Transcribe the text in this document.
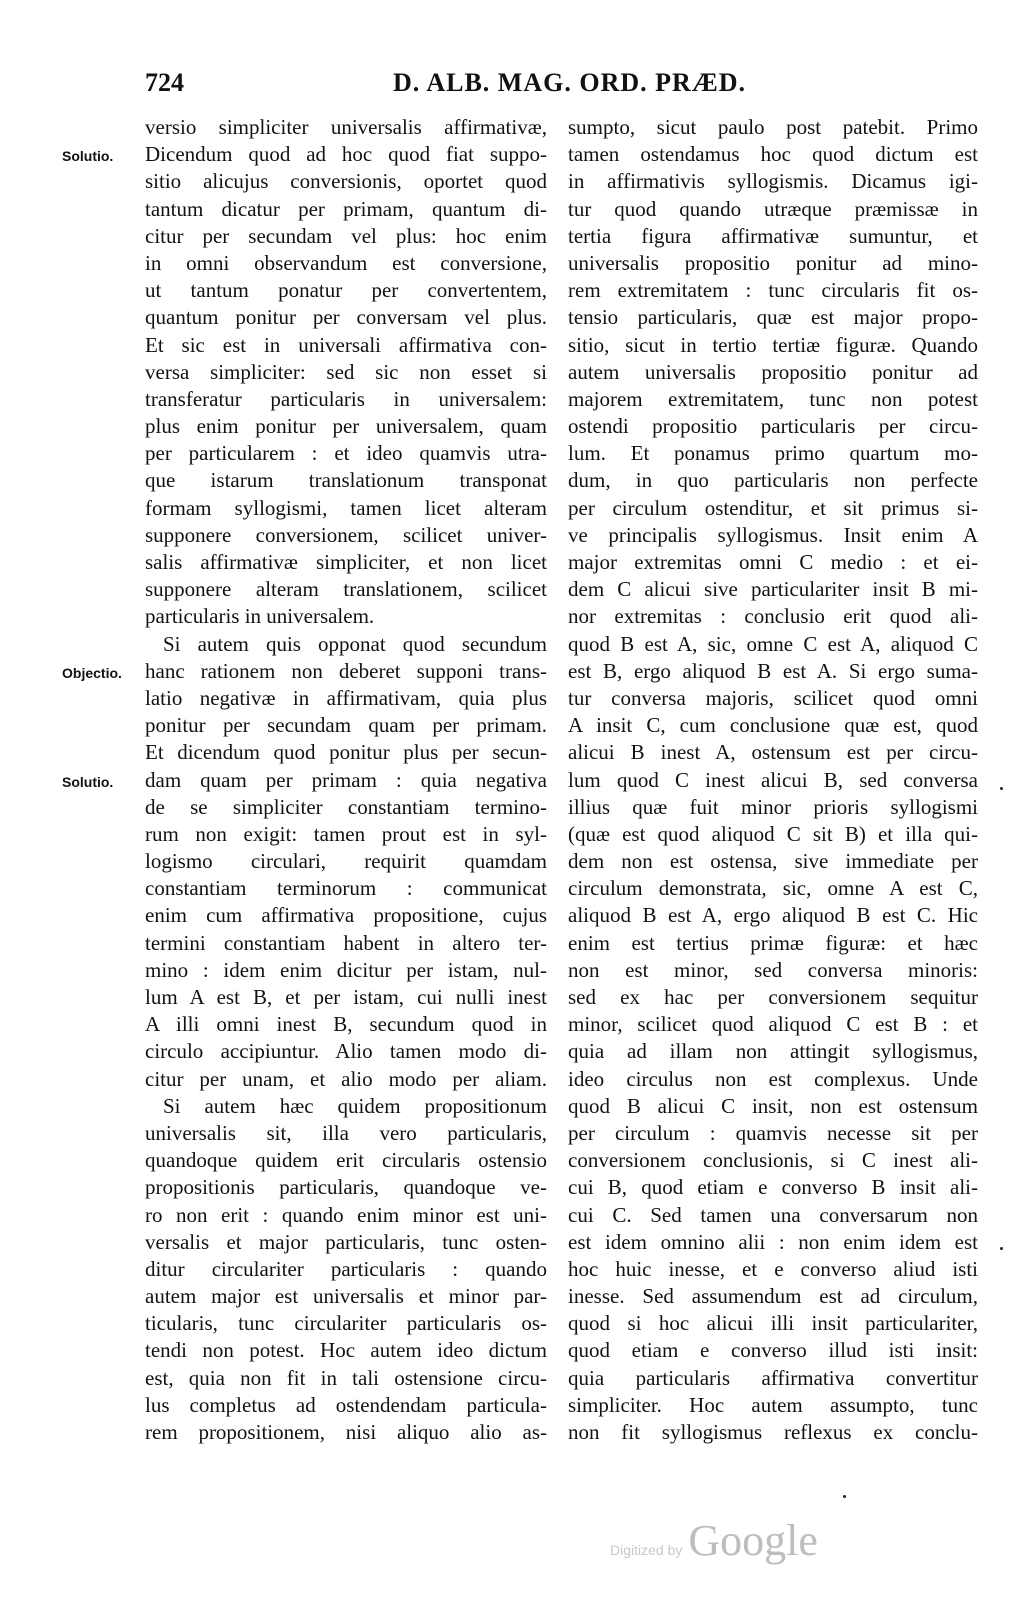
724	D. ALB. MAG. ORD. PRÆD.
Solutio.
Objectio.
Solutio.
versio simpliciter universalis affirmativæ,
Dicendum quod ad hoc quod fiat suppo-
sitio alicujus conversionis, oportet quod
tantum dicatur per primam, quantum di-
citur per secundam vel plus: hoc enim
in omni observandum est conversione,
ut tantum ponatur per convertentem,
quantum ponitur per conversam vel plus.
Et sic est in universali affirmativa con-
versa simpliciter: sed sic non esset si
transferatur particularis in universalem:
plus enim ponitur per universalem, quam
per particularem : et ideo quamvis utra-
que istarum translationum transponat
formam syllogismi, tamen licet alteram
supponere conversionem, scilicet univer-
salis affirmativæ simpliciter, et non licet
supponere alteram translationem, scilicet
particularis in universalem.
Si autem quis opponat quod secundum
hanc rationem non deberet supponi trans-
latio negativæ in affirmativam, quia plus
ponitur per secundam quam per primam.
Et dicendum quod ponitur plus per secun-
dam quam per primam : quia negativa
de se simpliciter constantiam termino-
rum non exigit: tamen prout est in syl-
logismo circulari, requirit quamdam
constantiam terminorum : communicat
enim cum affirmativa propositione, cujus
termini constantiam habent in altero ter-
mino : idem enim dicitur per istam, nul-
lum A est B, et per istam, cui nulli inest
A illi omni inest B, secundum quod in
circulo accipiuntur. Alio tamen modo di-
citur per unam, et alio modo per aliam.
Si autem hæc quidem propositionum
universalis sit, illa vero particularis,
quandoque quidem erit circularis ostensio
propositionis particularis, quandoque ve-
ro non erit : quando enim minor est uni-
versalis et major particularis, tunc osten-
ditur circulariter particularis : quando
autem major est universalis et minor par-
ticularis, tunc circulariter particularis os-
tendi non potest. Hoc autem ideo dictum
est, quia non fit in tali ostensione circu-
lus completus ad ostendendam particula-
rem propositionem, nisi aliquo alio as-
sumpto, sicut paulo post patebit. Primo
tamen ostendamus hoc quod dictum est
in affirmativis syllogismis. Dicamus igi-
tur quod quando utræque præmissæ in
tertia figura affirmativæ sumuntur, et
universalis propositio ponitur ad mino-
rem extremitatem : tunc circularis fit os-
tensio particularis, quæ est major propo-
sitio, sicut in tertio tertiæ figuræ. Quando
autem universalis propositio ponitur ad
majorem extremitatem, tunc non potest
ostendi propositio particularis per circu-
lum. Et ponamus primo quartum mo-
dum, in quo particularis non perfecte
per circulum ostenditur, et sit primus si-
ve principalis syllogismus. Insit enim A
major extremitas omni C medio : et ei-
dem C alicui sive particulariter insit B mi-
nor extremitas : conclusio erit quod ali-
quod B est A, sic, omne C est A, aliquod C
est B, ergo aliquod B est A. Si ergo suma-
tur conversa majoris, scilicet quod omni
A insit C, cum conclusione quæ est, quod
alicui B inest A, ostensum est per circu-
lum quod C inest alicui B, sed conversa
illius quæ fuit minor prioris syllogismi
(quæ est quod aliquod C sit B) et illa qui-
dem non est ostensa, sive immediate per
circulum demonstrata, sic, omne A est C,
aliquod B est A, ergo aliquod B est C. Hic
enim est tertius primæ figuræ: et hæc
non est minor, sed conversa minoris:
sed ex hac per conversionem sequitur
minor, scilicet quod aliquod C est B : et
quia ad illam non attingit syllogismus,
ideo circulus non est complexus. Unde
quod B alicui C insit, non est ostensum
per circulum : quamvis necesse sit per
conversionem conclusionis, si C inest ali-
cui B, quod etiam e converso B insit ali-
cui C. Sed tamen una conversarum non
est idem omnino alii : non enim idem est
hoc huic inesse, et e converso aliud isti
inesse. Sed assumendum est ad circulum,
quod si hoc alicui illi insit particulariter,
quod etiam e converso illud isti insit:
quia particularis affirmativa convertitur
simpliciter. Hoc autem assumpto, tunc
non fit syllogismus reflexus ex conclu-
Digitized by Google
